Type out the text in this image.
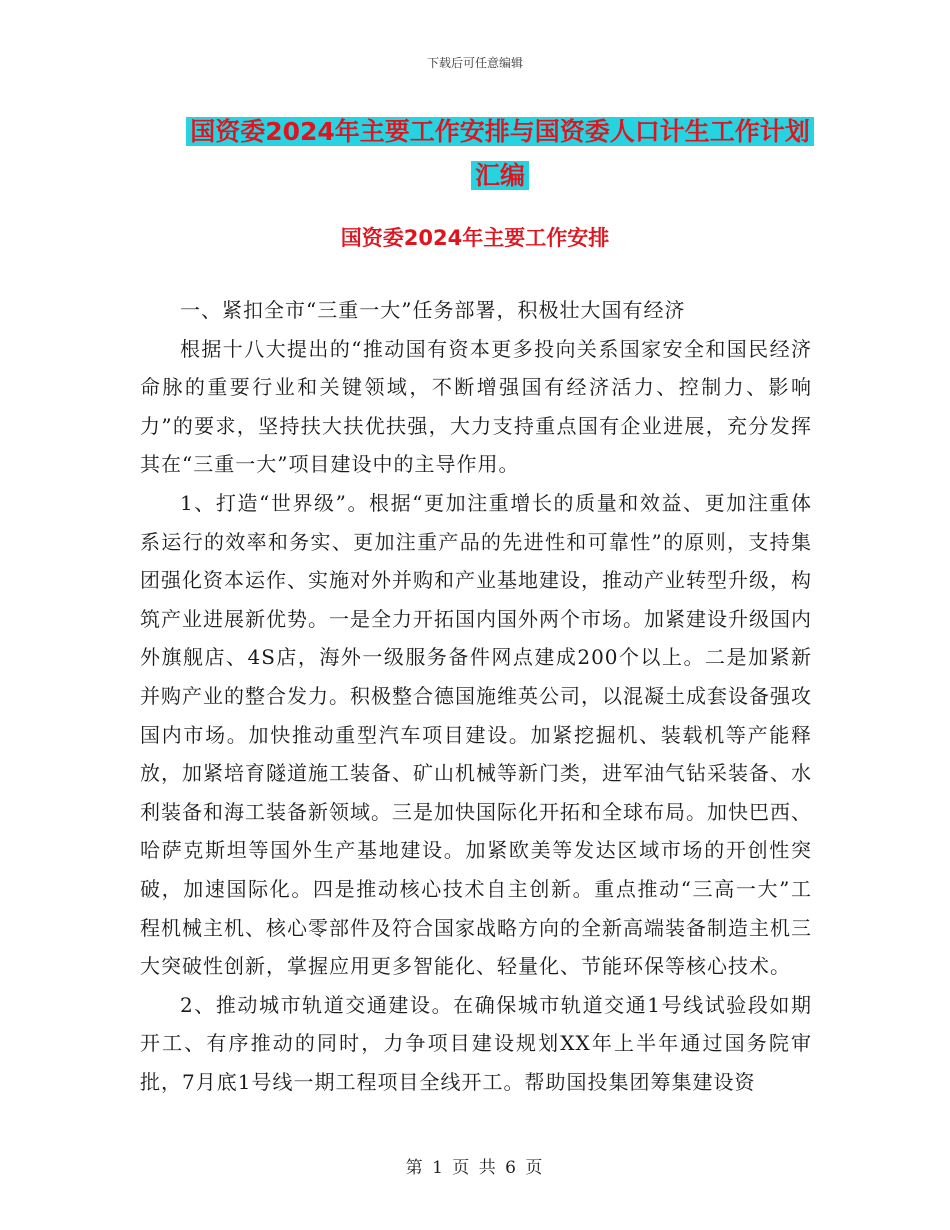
下载后可任意编辑
国资委2024年主要工作安排与国资委人口计生工作计划汇编
国资委2024年主要工作安排

一、紧扣全市“三重一大”任务部署，积极壮大国有经济

根据十八大提出的“推动国有资本更多投向关系国家安全和国民经济命脉的重要行业和关键领域，不断增强国有经济活力、控制力、影响力”的要求，坚持扶大扶优扶强，大力支持重点国有企业进展，充分发挥其在“三重一大”项目建设中的主导作用。

1、打造“世界级”。根据“更加注重增长的质量和效益、更加注重体系运行的效率和务实、更加注重产品的先进性和可靠性”的原则，支持集团强化资本运作、实施对外并购和产业基地建设，推动产业转型升级，构筑产业进展新优势。一是全力开拓国内国外两个市场。加紧建设升级国内外旗舰店、4S店，海外一级服务备件网点建成200个以上。二是加紧新并购产业的整合发力。积极整合德国施维英公司，以混凝土成套设备强攻国内市场。加快推动重型汽车项目建设。加紧挖掘机、装载机等产能释放，加紧培育隧道施工装备、矿山机械等新门类，进军油气钻采装备、水利装备和海工装备新领域。三是加快国际化开拓和全球布局。加快巴西、哈萨克斯坦等国外生产基地建设。加紧欧美等发达区域市场的开创性突破，加速国际化。四是推动核心技术自主创新。重点推动“三高一大”工程机械主机、核心零部件及符合国家战略方向的全新高端装备制造主机三大突破性创新，掌握应用更多智能化、轻量化、节能环保等核心技术。

2、推动城市轨道交通建设。在确保城市轨道交通1号线试验段如期开工、有序推动的同时，力争项目建设规划XX年上半年通过国务院审批，7月底1号线一期工程项目全线开工。帮助国投集团筹集建设资

第 1 页 共 6 页
